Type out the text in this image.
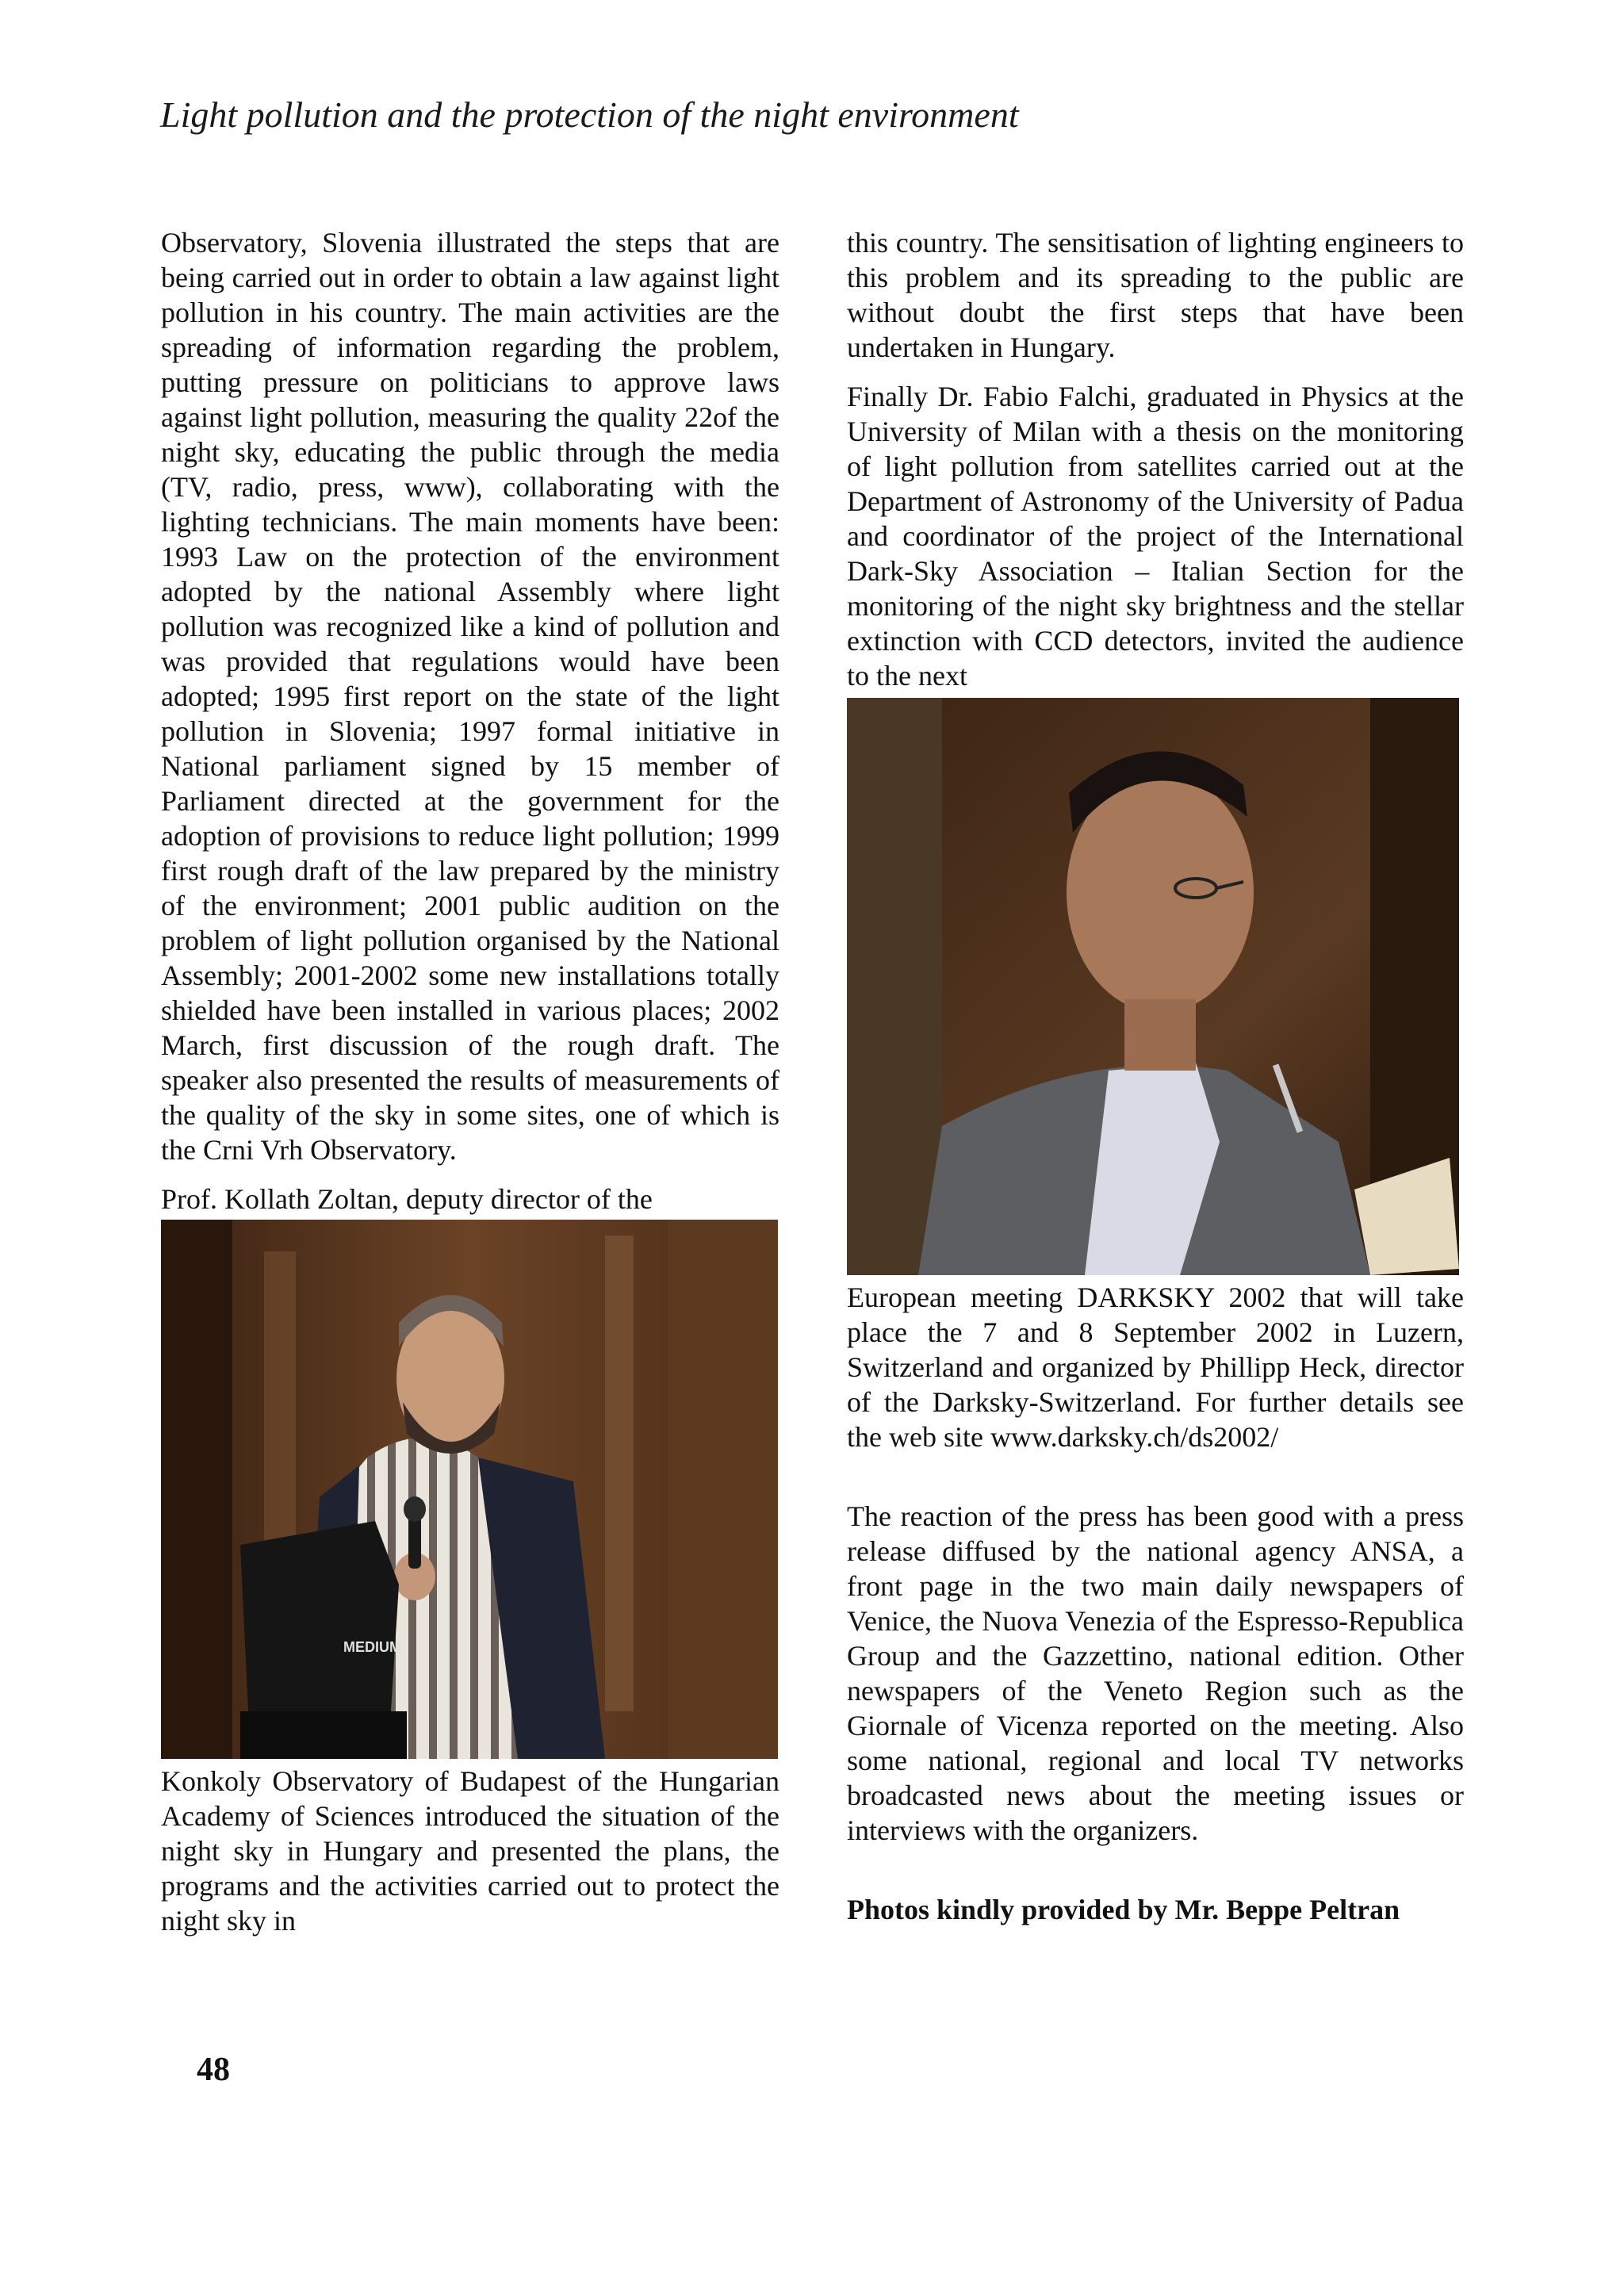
Light pollution and the protection of the night environment

Observatory, Slovenia illustrated the steps that are being carried out in order to obtain a law against light pollution in his country. The main activities are the spreading of information regarding the problem, putting pressure on politicians to approve laws against light pollution, measuring the quality 22of the night sky, educating the public through the media (TV, radio, press, www), collaborating with the lighting technicians. The main moments have been: 1993 Law on the protection of the environment adopted by the national Assembly where light pollution was recognized like a kind of pollution and was provided that regulations would have been adopted; 1995 first report on the state of the light pollution in Slovenia; 1997 formal initiative in National parliament signed by 15 member of Parliament directed at the government for the adoption of provisions to reduce light pollution; 1999 first rough draft of the law prepared by the ministry of the environment; 2001 public audition on the problem of light pollution organised by the National Assembly; 2001-2002 some new installations totally shielded have been installed in various places; 2002 March, first discussion of the rough draft. The speaker also presented the results of measurements of the quality of the sky in some sites, one of which is the Crni Vrh Observatory.

Prof. Kollath Zoltan, deputy director of the

MEDIUM

Konkoly Observatory of Budapest of the Hungarian Academy of Sciences introduced the situation of the night sky in Hungary and presented the plans, the programs and the activities carried out to protect the night sky in

this country. The sensitisation of lighting engineers to this problem and its spreading to the public are without doubt the first steps that have been undertaken in Hungary.

Finally Dr. Fabio Falchi, graduated in Physics at the University of Milan with a thesis on the monitoring of light pollution from satellites carried out at the Department of Astronomy of the University of Padua and coordinator of the project of the International Dark-Sky Association – Italian Section for the monitoring of the night sky brightness and the stellar extinction with CCD detectors, invited the audience to the next

European meeting DARKSKY 2002 that will take place the 7 and 8 September 2002 in Luzern, Switzerland and organized by Phillipp Heck, director of the Darksky-Switzerland. For further details see the web site www.darksky.ch/ds2002/

The reaction of the press has been good with a press release diffused by the national agency ANSA, a front page in the two main daily newspapers of Venice, the Nuova Venezia of the Espresso-Republica Group and the Gazzettino, national edition. Other newspapers of the Veneto Region such as the Giornale of Vicenza reported on the meeting. Also some national, regional and local TV networks broadcasted news about the meeting issues or interviews with the organizers.

Photos kindly provided by Mr. Beppe Peltran

48
